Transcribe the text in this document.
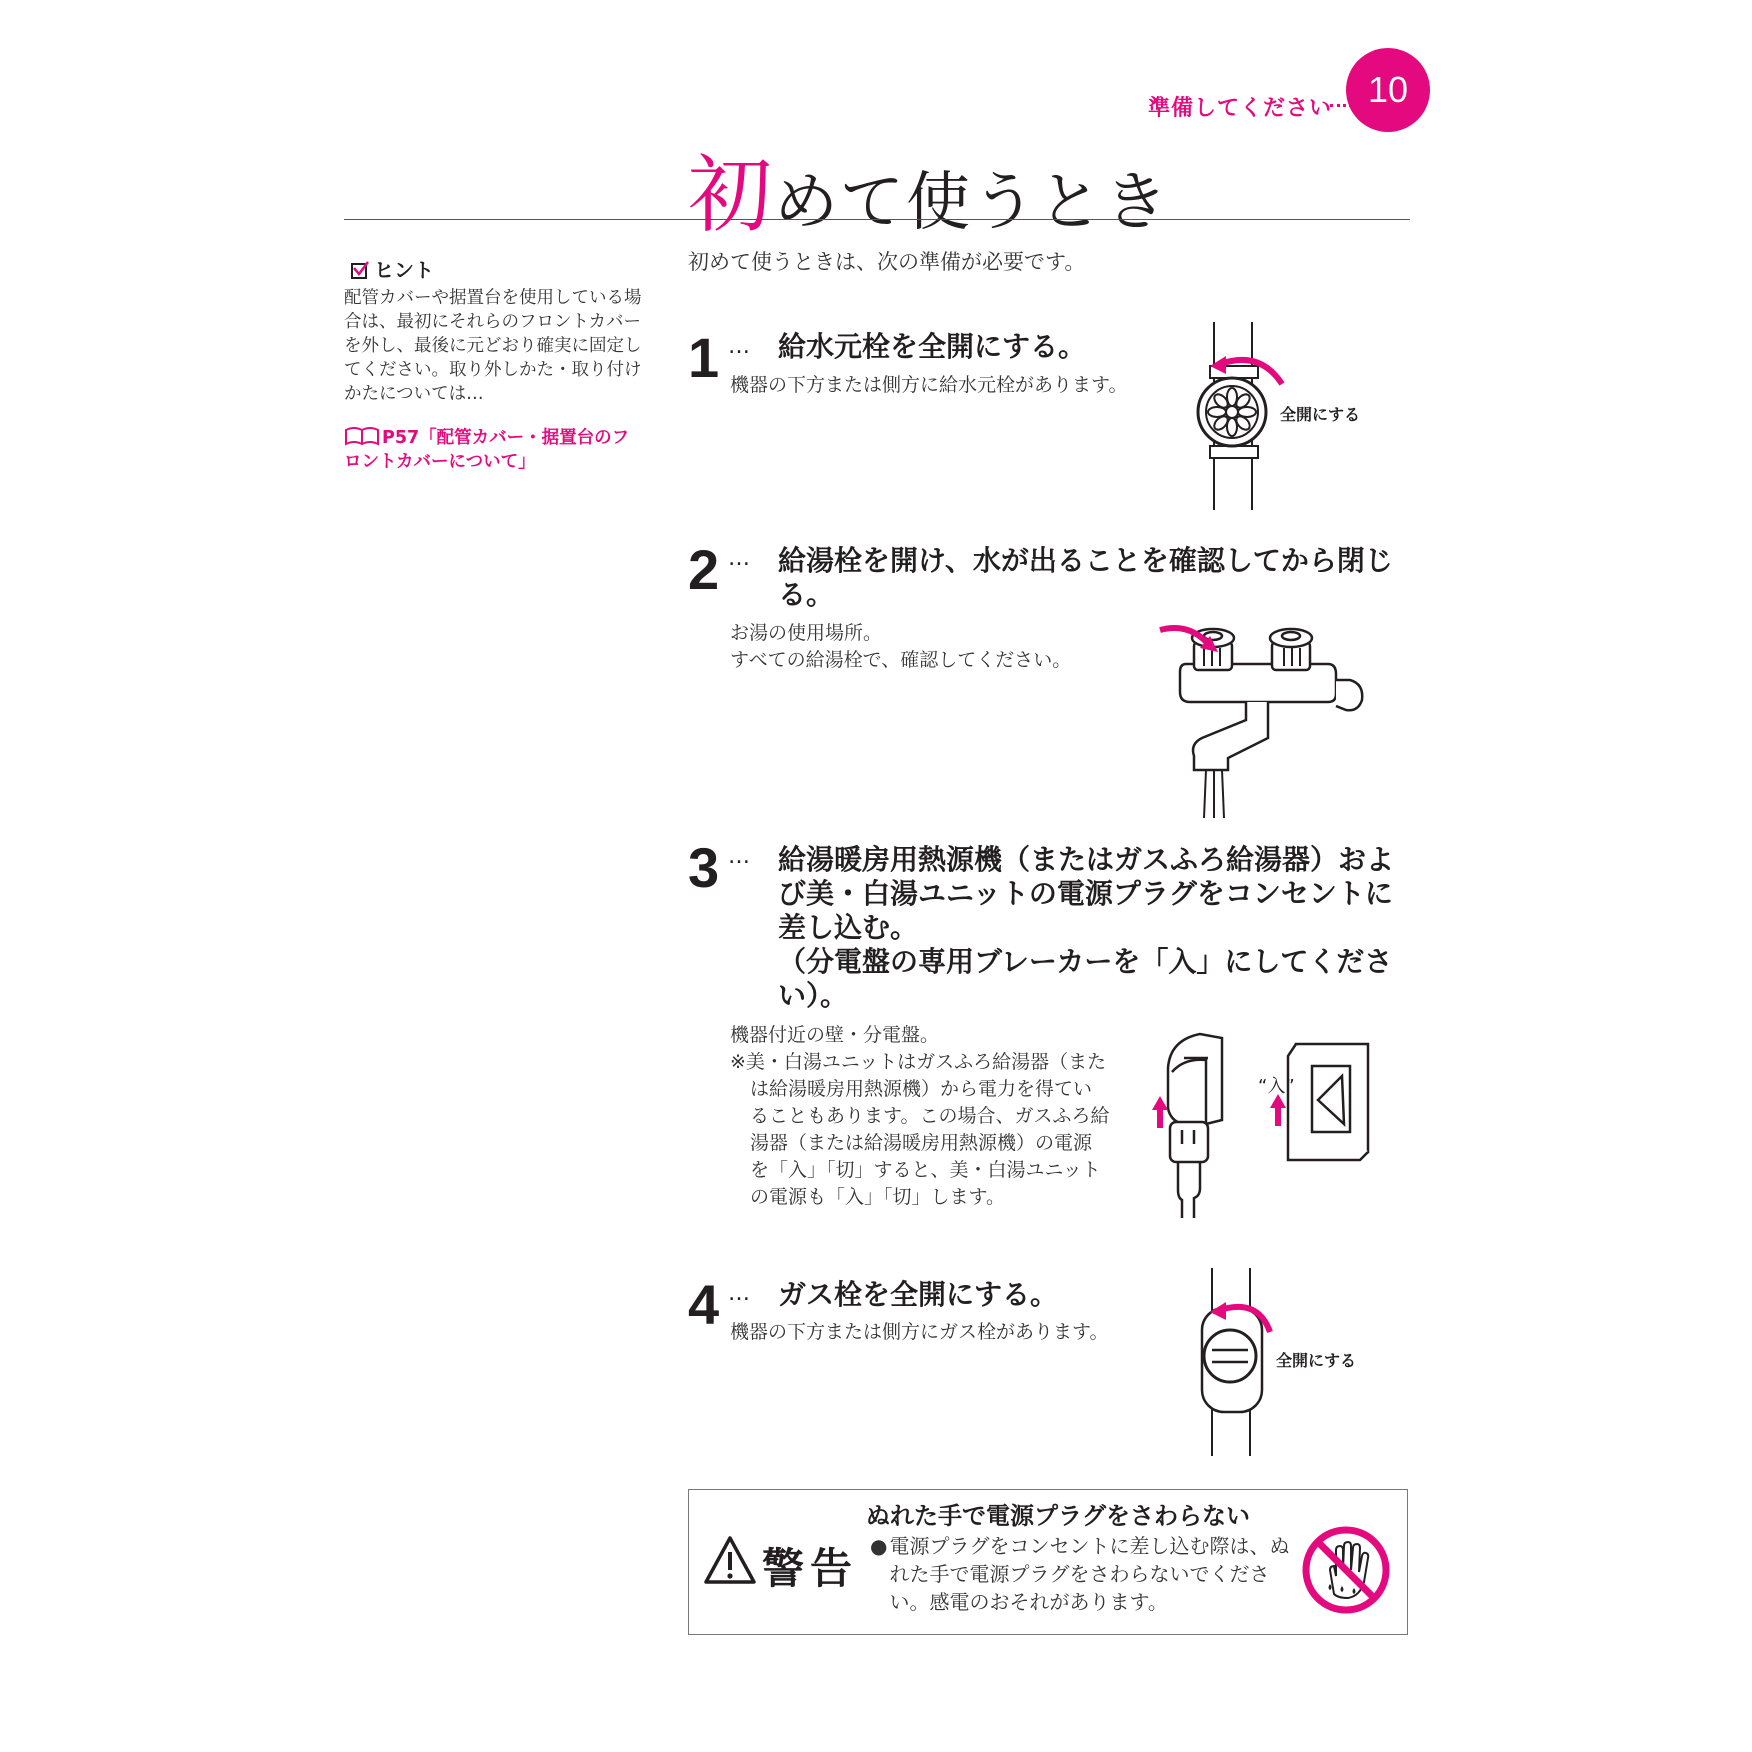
準備してください 10
初めて使うとき
ヒント
配管カバーや据置台を使用している場合は、最初にそれらのフロントカバーを外し、最後に元どおり確実に固定してください。取り外しかた・取り付けかたについては…
P57「配管カバー・据置台のフロントカバーについて」
初めて使うときは、次の準備が必要です。
1 … 給水元栓を全開にする。
機器の下方または側方に給水元栓があります。
全開にする
2 … 給湯栓を開け、水が出ることを確認してから閉じる。
お湯の使用場所。
すべての給湯栓で、確認してください。
3 … 給湯暖房用熱源機（またはガスふろ給湯器）および美・白湯ユニットの電源プラグをコンセントに差し込む。
（分電盤の専用ブレーカーを「入」にしてください）。
機器付近の壁・分電盤。
※美・白湯ユニットはガスふろ給湯器（または給湯暖房用熱源機）から電力を得ていることもあります。この場合、ガスふろ給湯器（または給湯暖房用熱源機）の電源を「入」「切」すると、美・白湯ユニットの電源も「入」「切」します。
“入”
4 … ガス栓を全開にする。
機器の下方または側方にガス栓があります。
全開にする
警告
ぬれた手で電源プラグをさわらない
● 電源プラグをコンセントに差し込む際は、ぬれた手で電源プラグをさわらないでください。感電のおそれがあります。
